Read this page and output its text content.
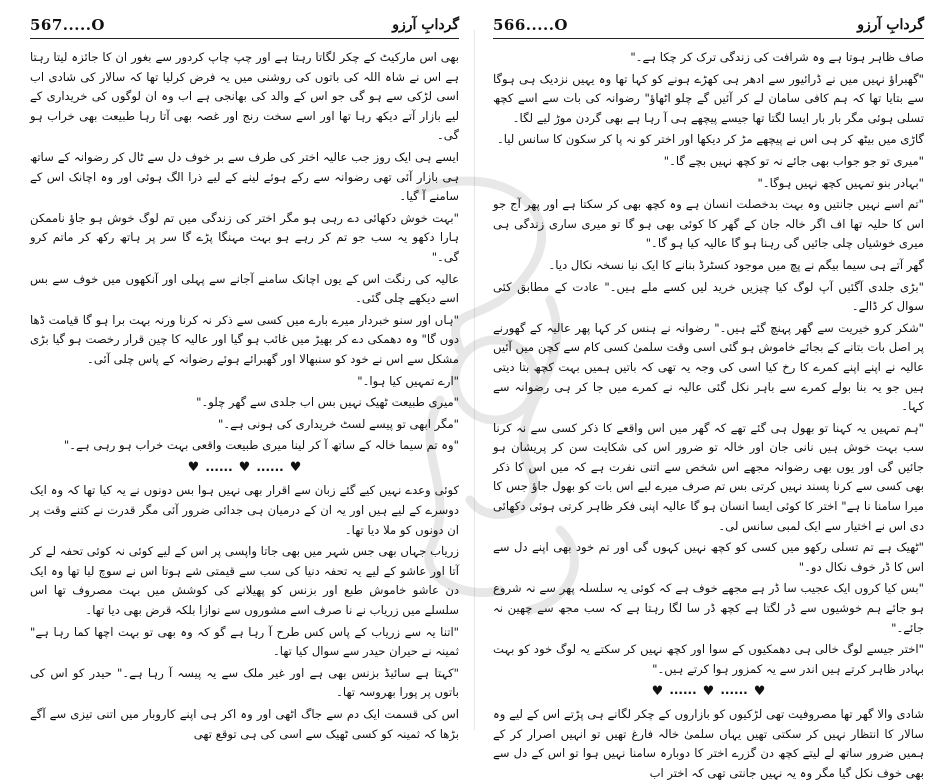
567.....O	گردابِ آرزو

بھی اس مارکیٹ کے چکر لگاتا رہتا ہے اور چپ چاپ کردور سے بغور ان کا جائزہ لیتا رہتا ہے اس نے شاہ اللہ کی باتوں کی روشنی میں یہ فرض کرلیا تھا کہ سالار کی شادی اب اسی لڑکی سے ہو گی جو اس کے والد کی بھانجی ہے اب وہ ان لوگوں کی خریداری کے لیے بازار آتے دیکھ رہا تھا اور اسے سخت رنج اور غصہ بھی آتا رہا طبیعت بھی خراب ہو گی۔

ایسے ہی ایک روز جب عالیہ اختر کی طرف سے بر خوف دل سے ٹال کر رضوانہ کے ساتھ ہی بازار آئی تھی رضوانہ سے رکے ہوئے لینے کے لیے ذرا الگ ہوئی اور وہ اچانک اس کے سامنے آ گیا۔

"بہت خوش دکھائی دے رہی ہو مگر اختر کی زندگی میں تم لوگ خوش ہو جاؤ ناممکن ہارا دکھو یہ سب جو تم کر رہے ہو بہت مہنگا پڑے گا سر پر ہاتھ رکھ کر ماتم کرو گی۔"

عالیہ کی رنگت اس کے یوں اچانک سامنے آجانے سے پہلی اور آنکھوں میں خوف سے بس اسے دیکھے چلی گئی۔

"ہاں اور سنو خبردار میرے بارے میں کسی سے ذکر نہ کرنا ورنہ بہت برا ہو گا قیامت ڈھا دوں گا" وہ دھمکی دے کر بھیڑ میں غائب ہو گیا اور عالیہ کا چین قرار رخصت ہو گیا بڑی مشکل سے اس نے خود کو سنبھالا اور گھبرائے ہوئے رضوانہ کے پاس چلی آئی۔

"ارے تمہیں کیا ہوا۔"

"میری طبیعت ٹھیک نہیں بس اب جلدی سے گھر چلو۔"

"مگر ابھی تو پیسے لسٹ خریداری کی ہونی ہے۔"

"وہ تم سیما خالہ کے ساتھ آ کر لینا میری طبیعت واقعی بہت خراب ہو رہی ہے۔"

♥ ...... ♥ ...... ♥

کوئی وعدے نہیں کیے گئے زبان سے اقرار بھی نہیں ہوا بس دونوں نے یہ کیا تھا کہ وہ ایک دوسرے کے لیے ہیں اور یہ ان کے درمیان ہی جدائی ضرور آئی مگر قدرت نے کتنے وقت پر ان دونوں کو ملا دیا تھا۔

زریاب جہاں بھی جس شہر میں بھی جاتا واپسی پر اس کے لیے کوئی نہ کوئی تحفہ لے کر آتا اور عاشو کے لیے یہ تحفہ دنیا کی سب سے قیمتی شے ہوتا اس نے سوچ لیا تھا وہ ایک دن عاشو خاموش طبع اور بزنس کو پھیلانے کی کوشش میں بہت مصروف تھا اس سلسلے میں زریاب نے نا صرف اسے مشوروں سے نوازا بلکہ قرض بھی دیا تھا۔

"اتنا یہ سے زریاب کے پاس کس طرح آ رہا ہے گو کہ وہ بھی تو بہت اچھا کما رہا ہے" ثمینہ نے حیران حیدر سے سوال کیا تھا۔

"کہتا ہے سائیڈ بزنس بھی ہے اور غیر ملک سے یہ پیسہ آ رہا ہے۔" حیدر کو اس کی باتوں پر پورا بھروسہ تھا۔

اس کی قسمت ایک دم سے جاگ اٹھی اور وہ اکر ہی اپنے کاروبار میں اتنی تیزی سے آگے بڑھا کہ ثمینہ کو کسی ٹھیک سے اسی کی ہی توقع تھی

566.....O	گردابِ آرزو

صاف ظاہر ہوتا ہے وہ شرافت کی زندگی ترک کر چکا ہے۔"

"گھبراؤ نہیں میں نے ڈرائیور سے ادھر ہی کھڑے ہونے کو کہا تھا وہ یہیں نزدیک ہی ہوگا سے بتایا تھا کہ ہم کافی سامان لے کر آئیں گے چلو اٹھاؤ" رضوانہ کی بات سے اسے کچھ تسلی ہوئی مگر بار بار ایسا لگتا تھا جیسے پیچھے ہی آ رہا ہے بھی گردن موڑ لیے لگا۔

گاڑی میں بیٹھ کر ہی اس نے پیچھے مڑ کر دیکھا اور اختر کو نہ پا کر سکون کا سانس لیا۔

"میری تو جو جواب بھی جائے نہ تو کچھ نہیں بچے گا۔"

"بہادر بنو تمہیں کچھ نہیں ہوگا۔"

"تم اسے نہیں جانتیں وہ بہت بدخصلت انسان ہے وہ کچھ بھی کر سکتا ہے اور پھر آج جو اس کا حلیہ تھا اف اگر خالہ جان کے گھر کا کوئی بھی ہو گا تو میری ساری زندگی ہی میری خوشیاں چلی جائیں گی رہنا ہو گا عالیہ کیا ہو گا۔"

گھر آتے ہی سیما بیگم نے پچ میں موجود کسٹرڈ بنانے کا ایک نیا نسخہ نکال دیا۔

"بڑی جلدی آگئیں آپ لوگ کیا چیزیں خرید لیں کسے ملے ہیں۔" عادت کے مطابق کئی سوال کر ڈالے۔

"شکر کرو خیریت سے گھر پہنچ گئے ہیں۔" رضوانہ نے ہنس کر کہا پھر عالیہ کے گھورنے پر اصل بات بتانے کے بجائے خاموش ہو گئی اسی وقت سلمیٰ کسی کام سے کچن میں آئیں عالیہ نے اپنے اپنے کمرے کا رخ کیا اسی کی وجہ یہ تھی کہ باتیں ہمیں بہت کچھ بتا دیتی ہیں جو یہ بنا بولے کمرے سے باہر نکل گئی عالیہ نے کمرے میں جا کر ہی رضوانہ سے کہا۔

"ہم تمہیں یہ کہنا تو بھول ہی گئے تھے کہ گھر میں اس واقعے کا ذکر کسی سے نہ کرنا سب بہت خوش ہیں نانی جان اور خالہ تو ضرور اس کی شکایت سن کر پریشان ہو جائیں گی اور یوں بھی رضوانہ مجھے اس شخص سے اتنی نفرت ہے کہ میں اس کا ذکر بھی کسی سے کرنا پسند نہیں کرتی بس تم صرف میرے لیے اس بات کو بھول جاؤ جس کا میرا سامنا نا ہے" اختر کا کوئی ایسا انسان ہو گا عالیہ اپنی فکر ظاہر کرتی ہوئی دکھائی دی اس نے اختیار سے ایک لمبی سانس لی۔

"ٹھیک ہے تم تسلی رکھو میں کسی کو کچھ نہیں کہوں گی اور تم خود بھی اپنے دل سے اس کا ڈر خوف نکال دو۔"

"بس کیا کروں ایک عجیب سا ڈر ہے مجھے خوف ہے کہ کوئی یہ سلسلہ پھر سے نہ شروع ہو جائے ہم خوشیوں سے ڈر لگتا ہے کچھ ڈر سا لگا رہتا ہے کہ سب مجھ سے چھین نہ جائے۔"

"اختر جیسے لوگ خالی ہی دھمکیوں کے سوا اور کچھ نہیں کر سکتے یہ لوگ خود کو بہت بہادر ظاہر کرتے ہیں اندر سے یہ کمزور ہوا کرتے ہیں۔"

♥ ...... ♥ ...... ♥

شادی والا گھر تھا مصروفیت تھی لڑکیوں کو بازاروں کے چکر لگانے ہی پڑتے اس کے لیے وہ سالار کا انتظار نہیں کر سکتی تھیں یہاں سلمیٰ خالہ فارغ تھیں تو انہیں اصرار کر کے ہمیں ضرور ساتھ لے لیتے کچھ دن گزرے اختر کا دوبارہ سامنا نہیں ہوا تو اس کے دل سے بھی خوف نکل گیا مگر وہ یہ نہیں جانتی تھی کہ اختر اب
